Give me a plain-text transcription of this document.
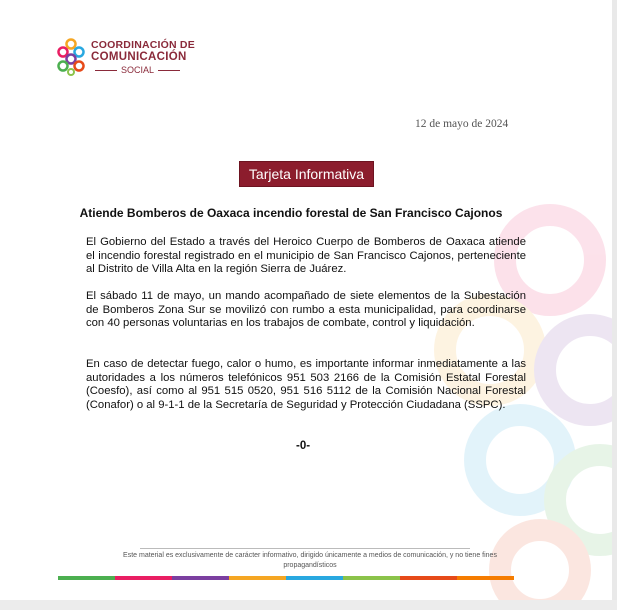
COORDINACIÓN DE
COMUNICACIÓN
SOCIAL
12 de mayo de 2024
Tarjeta Informativa
Atiende Bomberos de Oaxaca incendio forestal de San Francisco Cajonos

El Gobierno del Estado a través del Heroico Cuerpo de Bomberos de Oaxaca atiende el incendio forestal registrado en el municipio de San Francisco Cajonos, perteneciente al Distrito de Villa Alta en la región Sierra de Juárez.

El sábado 11 de mayo, un mando acompañado de siete elementos de la Subestación de Bomberos Zona Sur se movilizó con rumbo a esta municipalidad, para coordinarse con 40 personas voluntarias en los trabajos de combate, control y liquidación.

En caso de detectar fuego, calor o humo, es importante informar inmediatamente a las autoridades a los números telefónicos 951 503 2166 de la Comisión Estatal Forestal (Coesfo), así como al 951 515 0520, 951 516 5112 de la Comisión Nacional Forestal (Conafor) o al 9-1-1 de la Secretaría de Seguridad y Protección Ciudadana (SSPC).

-0-
Este material es exclusivamente de carácter informativo, dirigido únicamente a medios de comunicación, y no tiene fines
propagandísticos
